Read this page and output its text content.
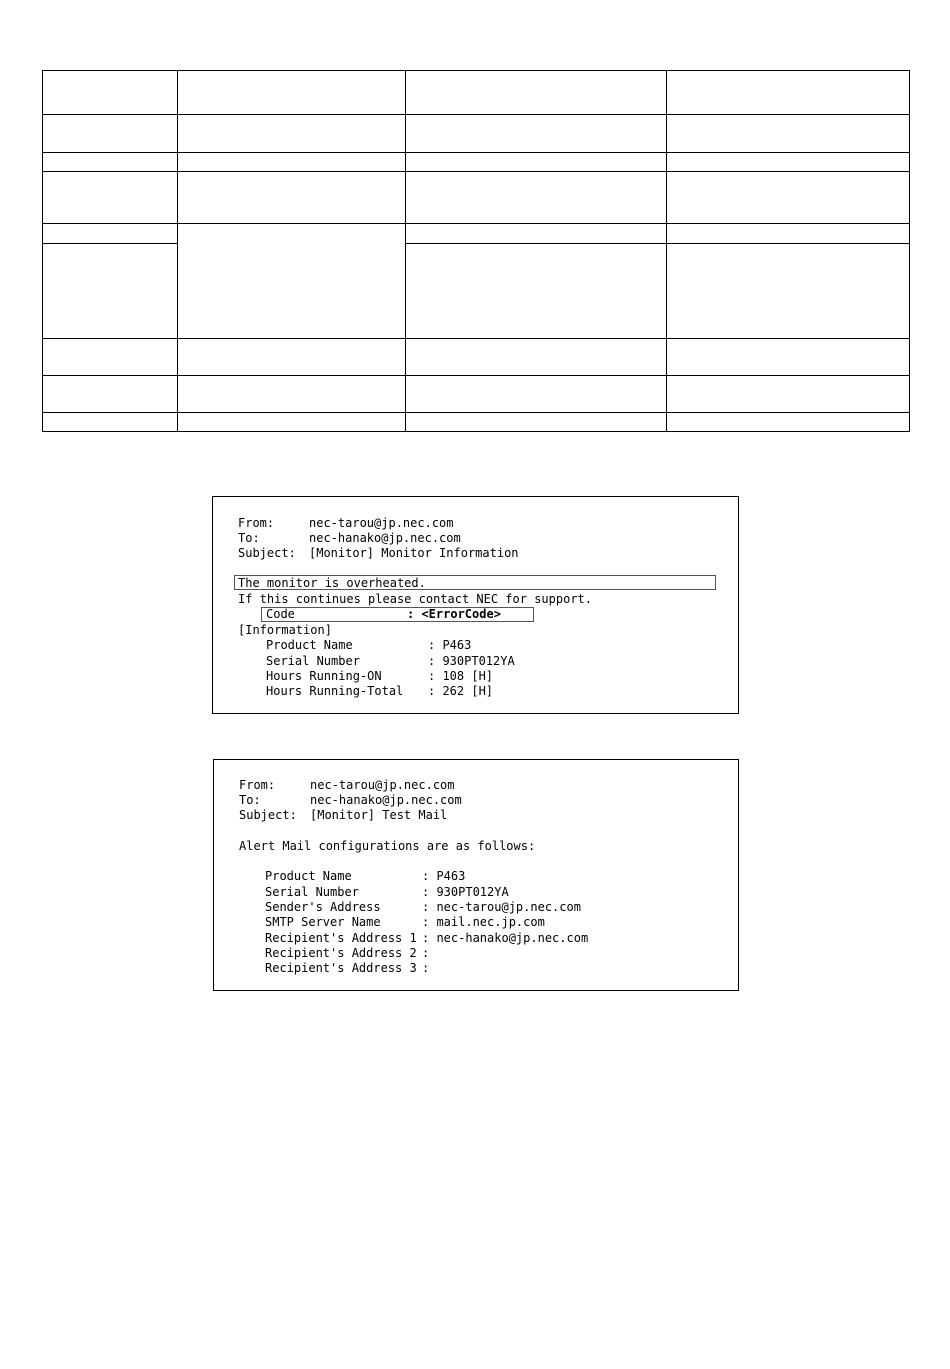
From:	nec-tarou@jp.nec.com
To:	nec-hanako@jp.nec.com
Subject: [Monitor] Monitor Information
The monitor is overheated.
If this continues please contact NEC for support.
Code	: <ErrorCode>
[Information]
Product Name	: P463
Serial Number	: 930PT012YA
Hours Running-ON	: 108 [H]
Hours Running-Total : 262 [H]
From:	nec-tarou@jp.nec.com
To:	nec-hanako@jp.nec.com
Subject: [Monitor] Test Mail
Alert Mail configurations are as follows:
Product Name	: P463
Serial Number	: 930PT012YA
Sender's Address	: nec-tarou@jp.nec.com
SMTP Server Name	: mail.nec.jp.com
Recipient's Address 1 : nec-hanako@jp.nec.com
Recipient's Address 2 :
Recipient's Address 3 :
